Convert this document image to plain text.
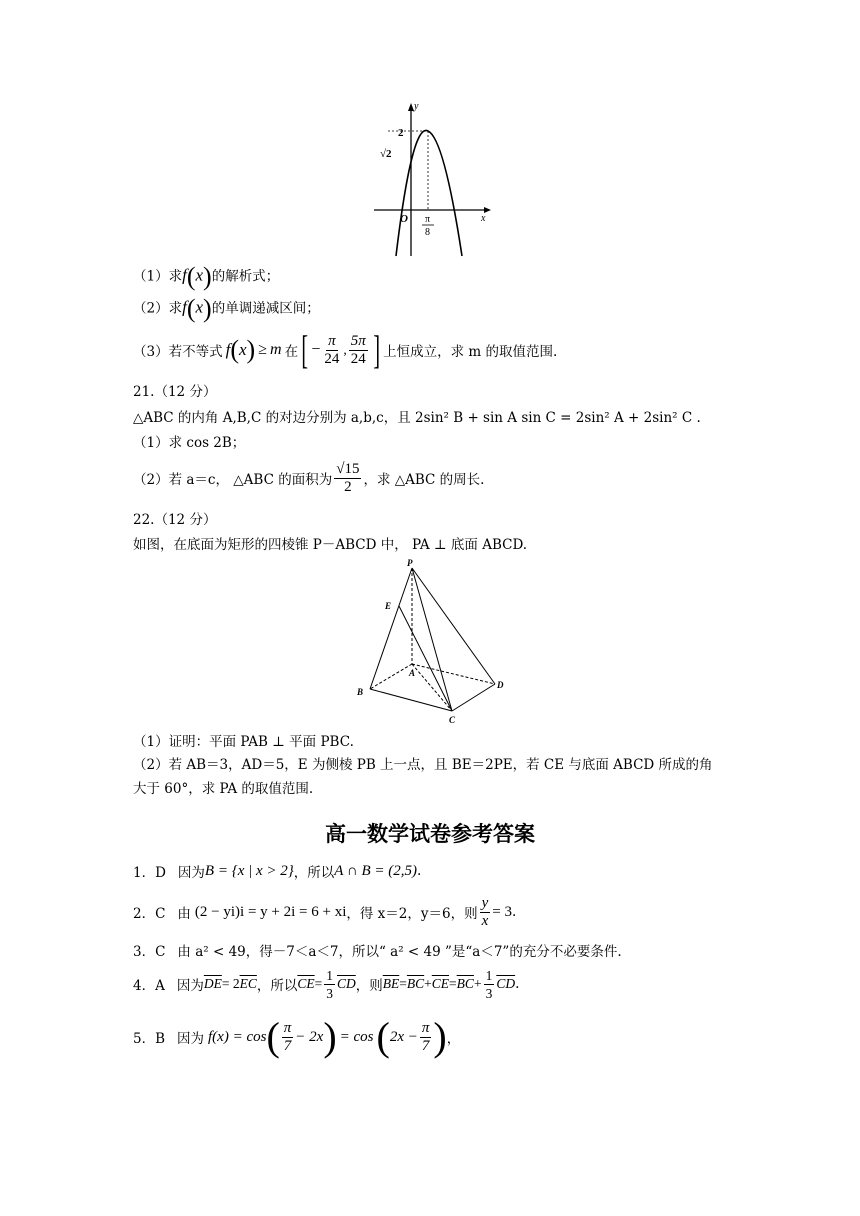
y
x
O
2
√2
π
8
（1）求f(x)的解析式；
（2）求f(x)的单调递减区间；
（3）若不等式 f ( x ) ≥ m 在 [ − $\frac{\pi}{24}$ , $\frac{5\pi}{24}$ ] 上恒成立，求 m 的取值范围.
21.（12 分）
△ABC 的内角 A,B,C 的对边分别为 a,b,c，且 2sin² B + sin A sin C = 2sin² A + 2sin² C .
（1）求 cos 2B；
（2）若 a＝c， △ABC 的面积为 $\frac{√15}{2}$ ，求 △ABC 的周长.
22.（12 分）
如图，在底面为矩形的四棱锥 P－ABCD 中， PA ⊥ 底面 ABCD.
P
E
A
B
C
D
（1）证明：平面 PAB ⊥ 平面 PBC.
（2）若 AB＝3，AD＝5，E 为侧棱 PB 上一点，且 BE＝2PE，若 CE 与底面 ABCD 所成的角
大于 60°，求 PA 的取值范围.
高一数学试卷参考答案
1．D 因为 B = {x | x > 2} ，所以 A ∩ B = (2,5) .
2．C 由 (2 − yi)i = y + 2i = 6 + xi ，得 x＝2，y＝6，则 $\frac{y}{x} = 3$ .
3．C 由 a² < 49，得－7＜a＜7，所以“ a² < 49 ”是“a＜7”的充分不必要条件.
4．A 因为 $\overline{DE} = 2$ $\overline{EC}$ ，所以 $\overline{CE} = \frac{1}{3} \overline{CD}$ ，则 $\overline{BE} = \overline{BC} + \overline{CE} = \overline{BC} + \frac{1}{3} \overline{CD}$ .
5．B 因为 f(x) = cos ( $\frac{\pi}{7} - 2x$ ) = cos ( $2x - \frac{\pi}{7}$ ) ，
